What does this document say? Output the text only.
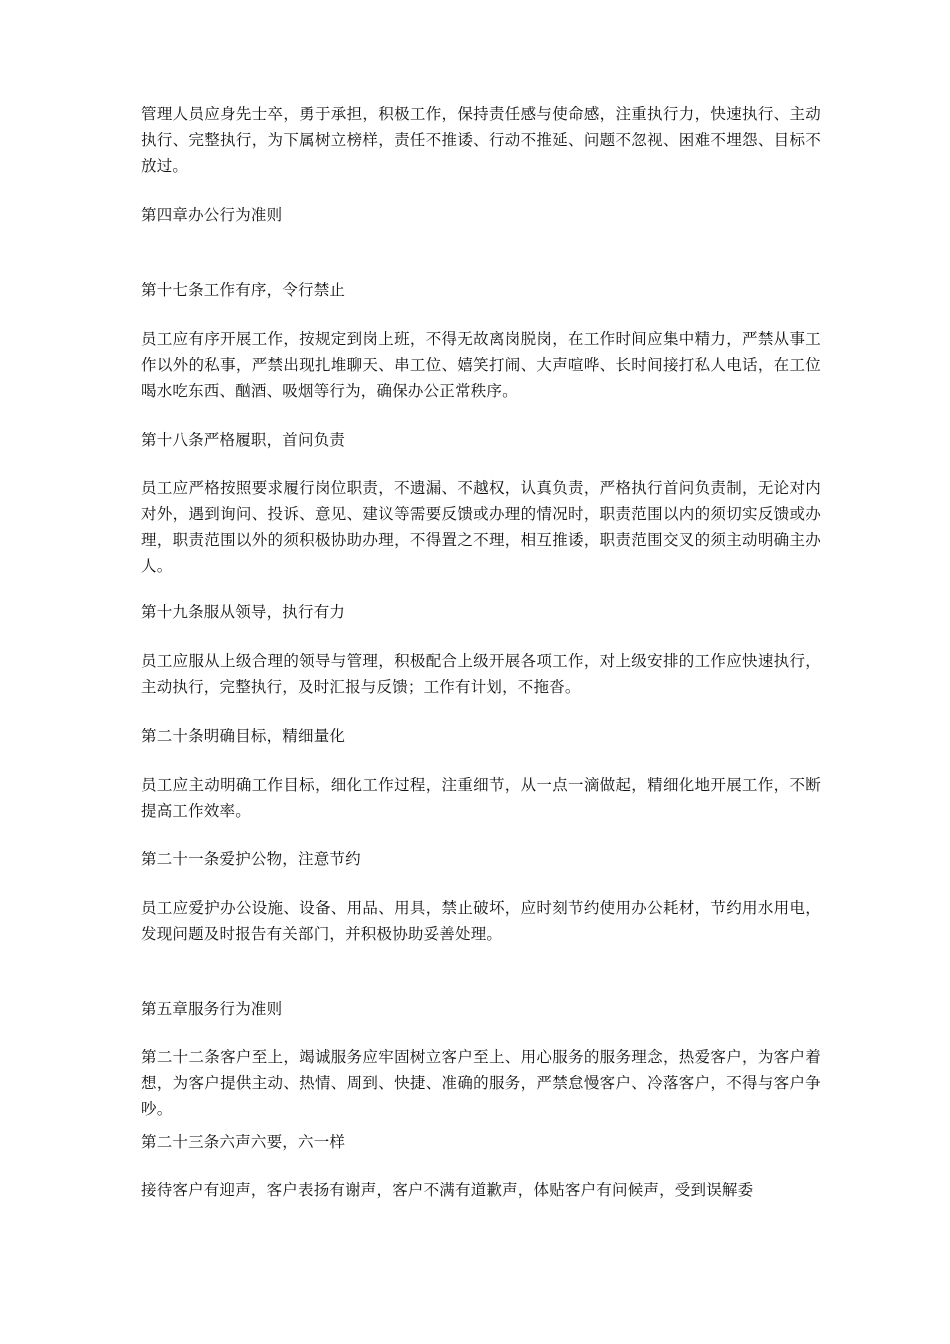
管理人员应身先士卒，勇于承担，积极工作，保持责任感与使命感，注重执行力，快速执行、主动执行、完整执行，为下属树立榜样，责任不推诿、行动不推延、问题不忽视、困难不埋怨、目标不放过。

第四章办公行为准则

第十七条工作有序，令行禁止

员工应有序开展工作，按规定到岗上班，不得无故离岗脱岗，在工作时间应集中精力，严禁从事工作以外的私事，严禁出现扎堆聊天、串工位、嬉笑打闹、大声喧哗、长时间接打私人电话，在工位喝水吃东西、酗酒、吸烟等行为，确保办公正常秩序。

第十八条严格履职，首问负责

员工应严格按照要求履行岗位职责，不遗漏、不越权，认真负责，严格执行首问负责制，无论对内对外，遇到询问、投诉、意见、建议等需要反馈或办理的情况时，职责范围以内的须切实反馈或办理，职责范围以外的须积极协助办理，不得置之不理，相互推诿，职责范围交叉的须主动明确主办人。

第十九条服从领导，执行有力

员工应服从上级合理的领导与管理，积极配合上级开展各项工作，对上级安排的工作应快速执行，主动执行，完整执行，及时汇报与反馈；工作有计划，不拖沓。

第二十条明确目标，精细量化

员工应主动明确工作目标，细化工作过程，注重细节，从一点一滴做起，精细化地开展工作，不断提高工作效率。

第二十一条爱护公物，注意节约

员工应爱护办公设施、设备、用品、用具，禁止破坏，应时刻节约使用办公耗材，节约用水用电，发现问题及时报告有关部门，并积极协助妥善处理。

第五章服务行为准则

第二十二条客户至上，竭诚服务应牢固树立客户至上、用心服务的服务理念，热爱客户，为客户着想，为客户提供主动、热情、周到、快捷、准确的服务，严禁怠慢客户、冷落客户，不得与客户争吵。

第二十三条六声六要，六一样

接待客户有迎声，客户表扬有谢声，客户不满有道歉声，体贴客户有问候声，受到误解委
